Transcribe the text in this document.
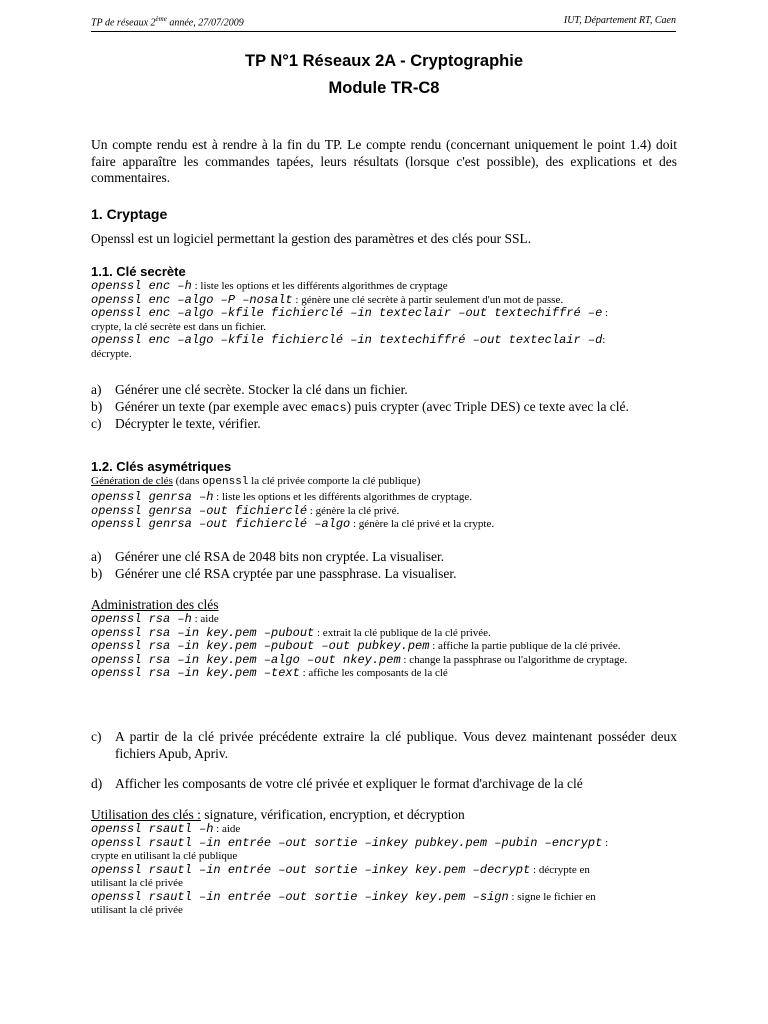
TP de réseaux 2ème année, 27/07/2009	IUT, Département RT, Caen
TP N°1 Réseaux 2A - Cryptographie
Module TR-C8
Un compte rendu est à rendre à la fin du TP. Le compte rendu (concernant uniquement le point 1.4) doit faire apparaître les commandes tapées, leurs résultats (lorsque c'est possible), des explications et des commentaires.
1. Cryptage
Openssl est un logiciel permettant la gestion des paramètres et des clés pour SSL.
1.1. Clé secrète
openssl enc –h : liste les options et les différents algorithmes de cryptage
openssl enc –algo –P –nosalt : génère une clé secrète à partir seulement d'un mot de passe.
openssl enc –algo –kfile fichierclé –in texteclair –out textechiffré –e :
crypte, la clé secrète est dans un fichier.
openssl enc –algo –kfile fichierclé –in textechiffré –out texteclair –d:
décrypte.
a)	Générer une clé secrète. Stocker la clé dans un fichier.
b) Générer un texte (par exemple avec emacs) puis crypter (avec Triple DES) ce texte avec la clé.
c)	Décrypter le texte, vérifier.
1.2. Clés asymétriques
Génération de clés (dans openssl la clé privée comporte la clé publique)
openssl genrsa –h : liste les options et les différents algorithmes de cryptage.
openssl genrsa –out fichierclé : génère la clé privé.
openssl genrsa –out fichierclé –algo : génère la clé privé et la crypte.
a)	Générer une clé RSA de 2048 bits non cryptée. La visualiser.
b) Générer une clé RSA cryptée par une passphrase. La visualiser.
Administration des clés
openssl rsa –h : aide
openssl rsa –in key.pem –pubout : extrait la clé publique de la clé privée.
openssl rsa –in key.pem –pubout –out pubkey.pem : affiche la partie publique de la clé privée.
openssl rsa –in key.pem –algo –out nkey.pem : change la passphrase ou l'algorithme de cryptage.
openssl rsa –in key.pem –text : affiche les composants de la clé
c)	A partir de la clé privée précédente extraire la clé publique. Vous devez maintenant posséder deux fichiers Apub, Apriv.
d) Afficher les composants de votre clé privée et expliquer le format d'archivage de la clé
Utilisation des clés : signature, vérification, encryption, et décryption
openssl rsautl –h : aide
openssl rsautl –in entrée –out sortie –inkey pubkey.pem –pubin –encrypt :
crypte en utilisant la clé publique
openssl rsautl –in entrée –out sortie –inkey key.pem –decrypt : décrypte en
utilisant la clé privée
openssl rsautl –in entrée –out sortie –inkey key.pem –sign : signe le fichier en
utilisant la clé privée
